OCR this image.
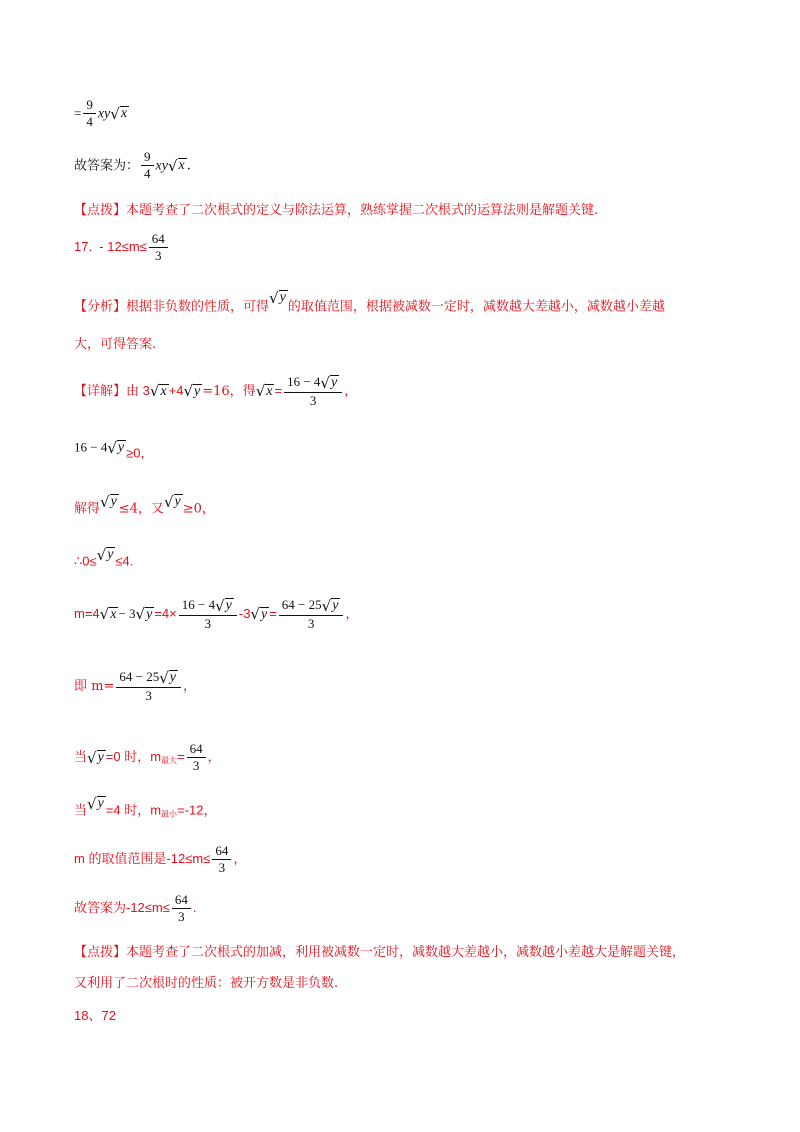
= $\frac{9}{4}$ xy √ x
故答案为： $\frac{9}{4}$ xy √ x .
【点拨】本题考查了二次根式的定义与除法运算，熟练掌握二次根式的运算法则是解题关键.
17.  - $12\le m\le \frac{64}{3}$
【分析】根据非负数的性质，可得
√ y
的取值范围，根据被减数一定时，减数越大差越小，减数越小差越
大，可得答案.
【详解】由 3 √ x +4 √ y =16，得 √ $x = \frac{16 - 4 √ y}{3}$ ，
16 − 4 √ y ≥0，
解得 √ y
≤4，又 √ y
≥0，
∴0≤ √ y ≤4.
m=4 √ x − 3 √ $y =4\times \frac{16 - 4 √ y}{3} -3$ √ $y = \frac{64 - 25 √ y}{3}$ ，
即 $m= \frac{64 - 25 √ y}{3}$ ，
当 √ y =0 时，$m_{最大}= \frac{64}{3}$ ，
当 √ y =4 时，$m_{最小}=-12$，
m 的取值范围是$-12\le m\le \frac{64}{3}$ ，
故答案为$-12\le m\le \frac{64}{3}$ .
【点拨】本题考查了二次根式的加减，利用被减数一定时，减数越大差越小，减数越小差越大是解题关键，
又利用了二次根时的性质：被开方数是非负数.
18、72
